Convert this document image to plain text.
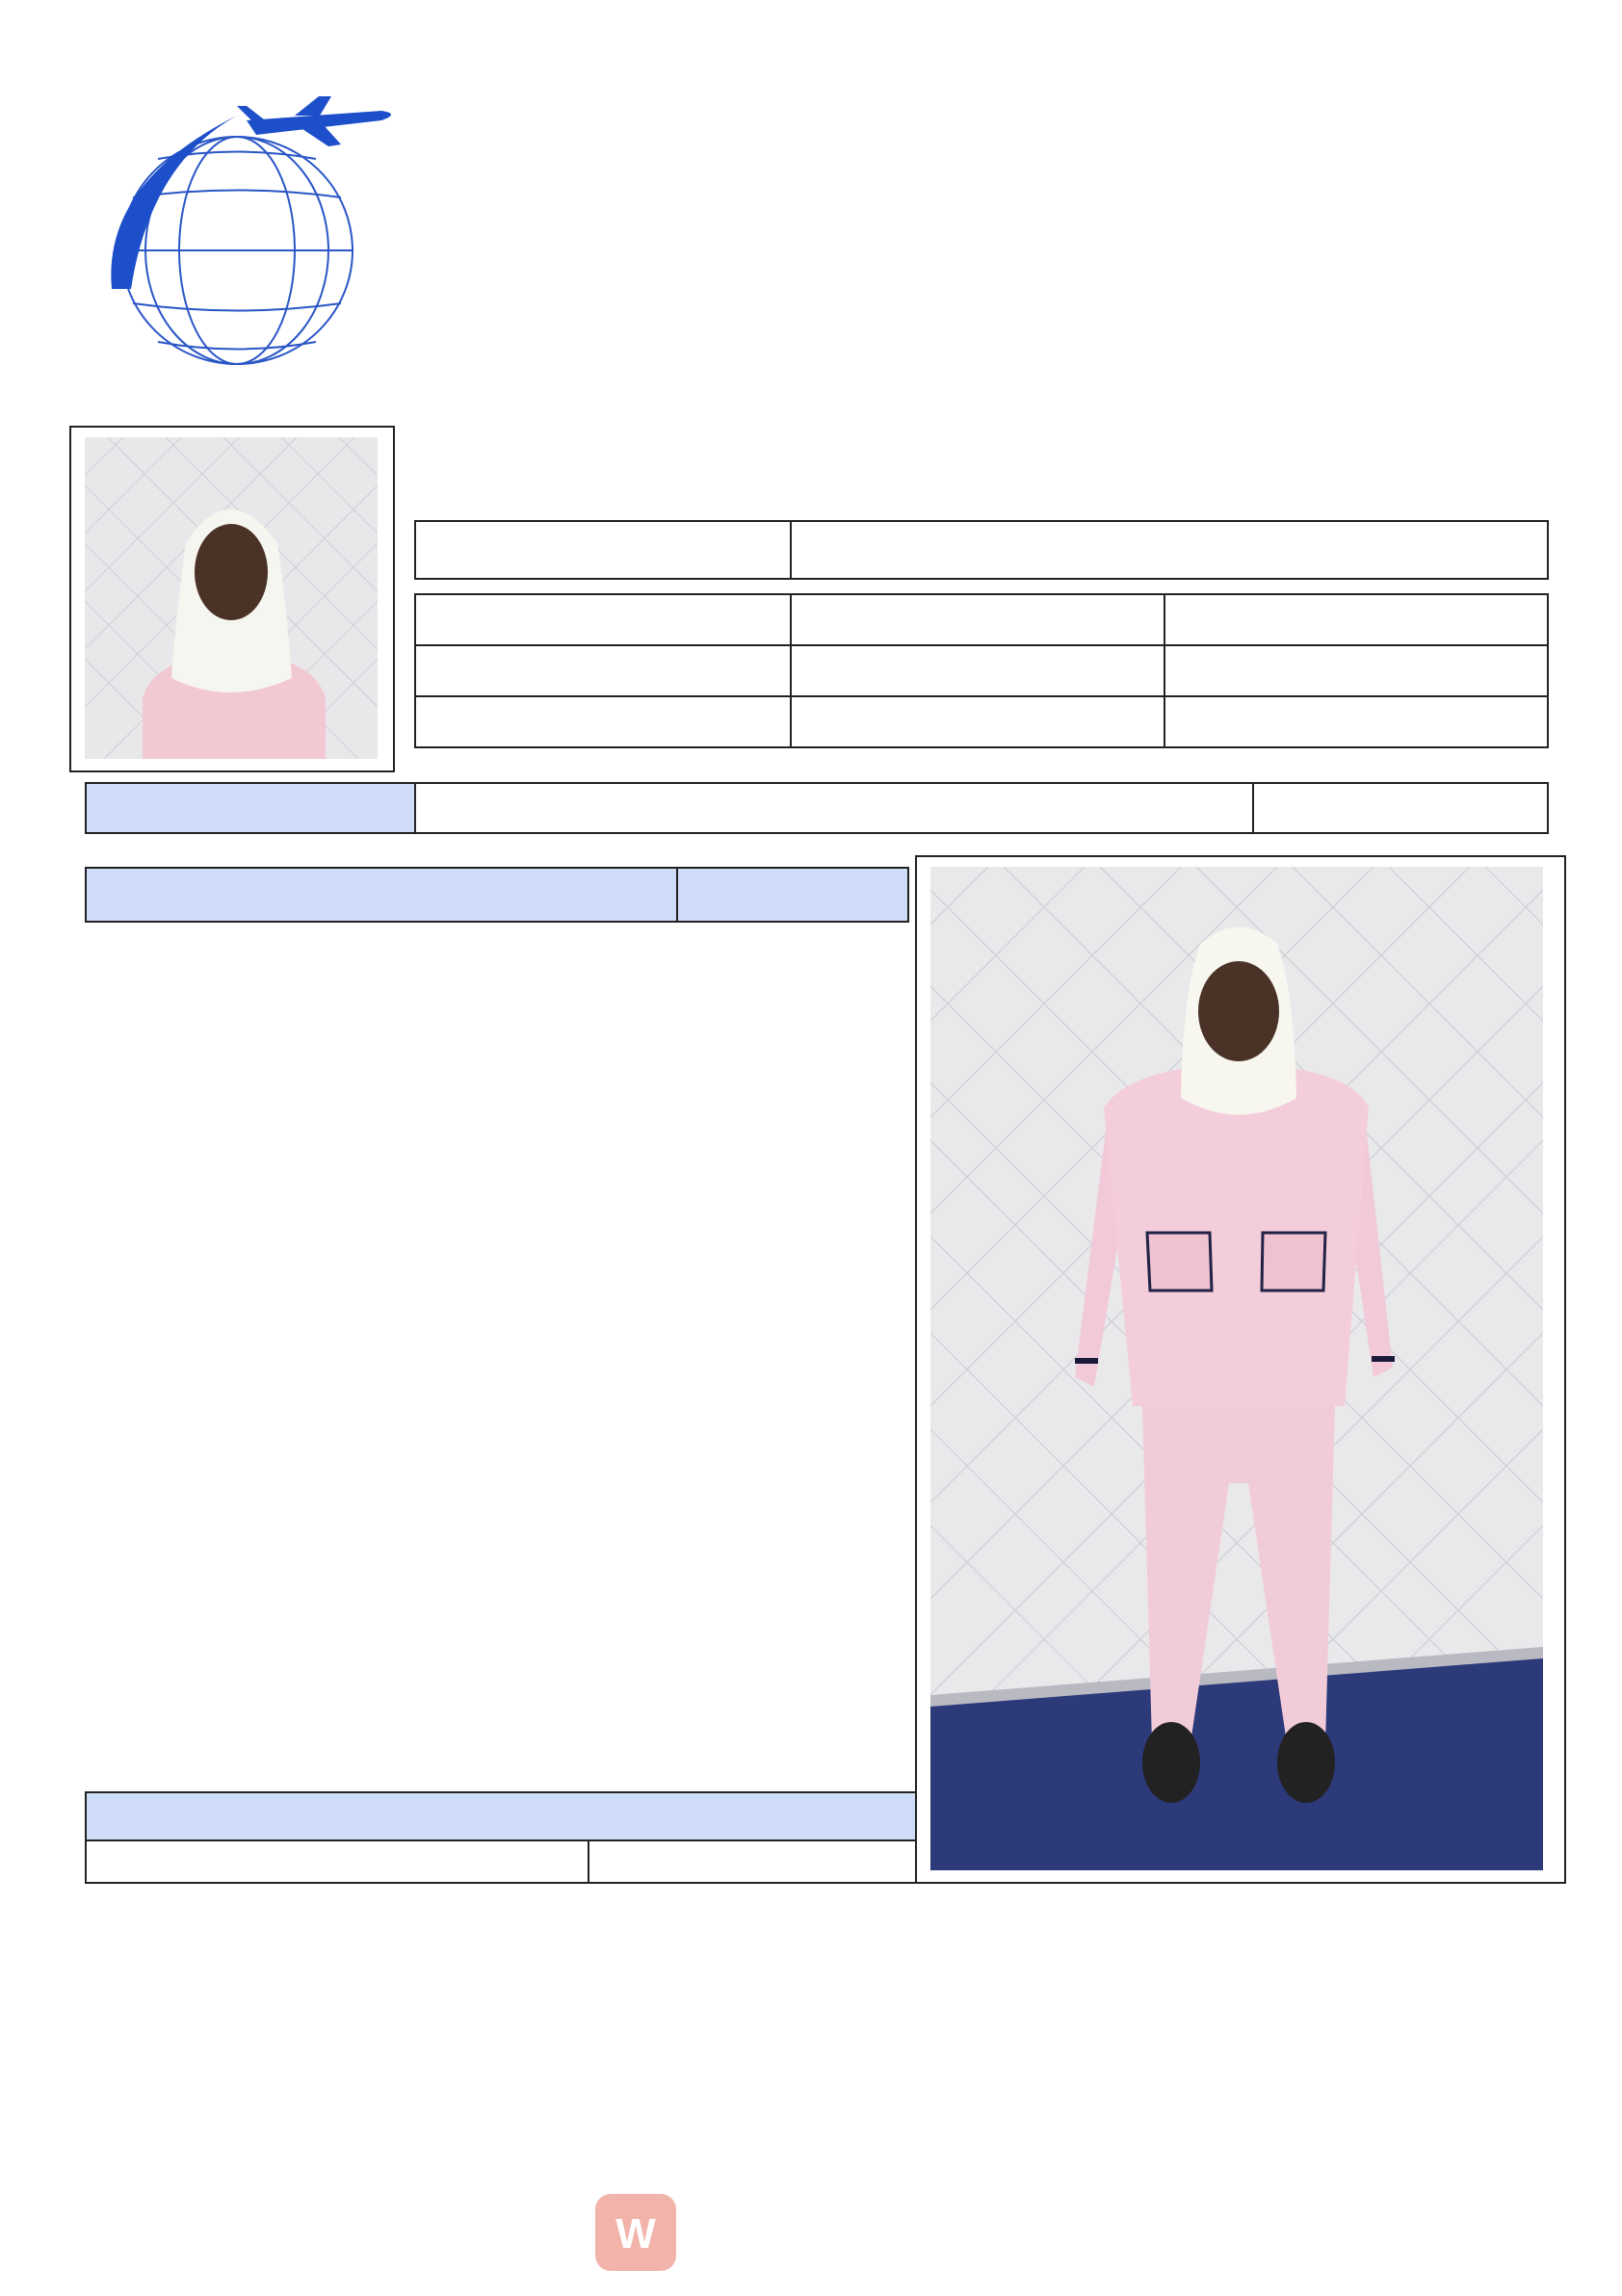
W
